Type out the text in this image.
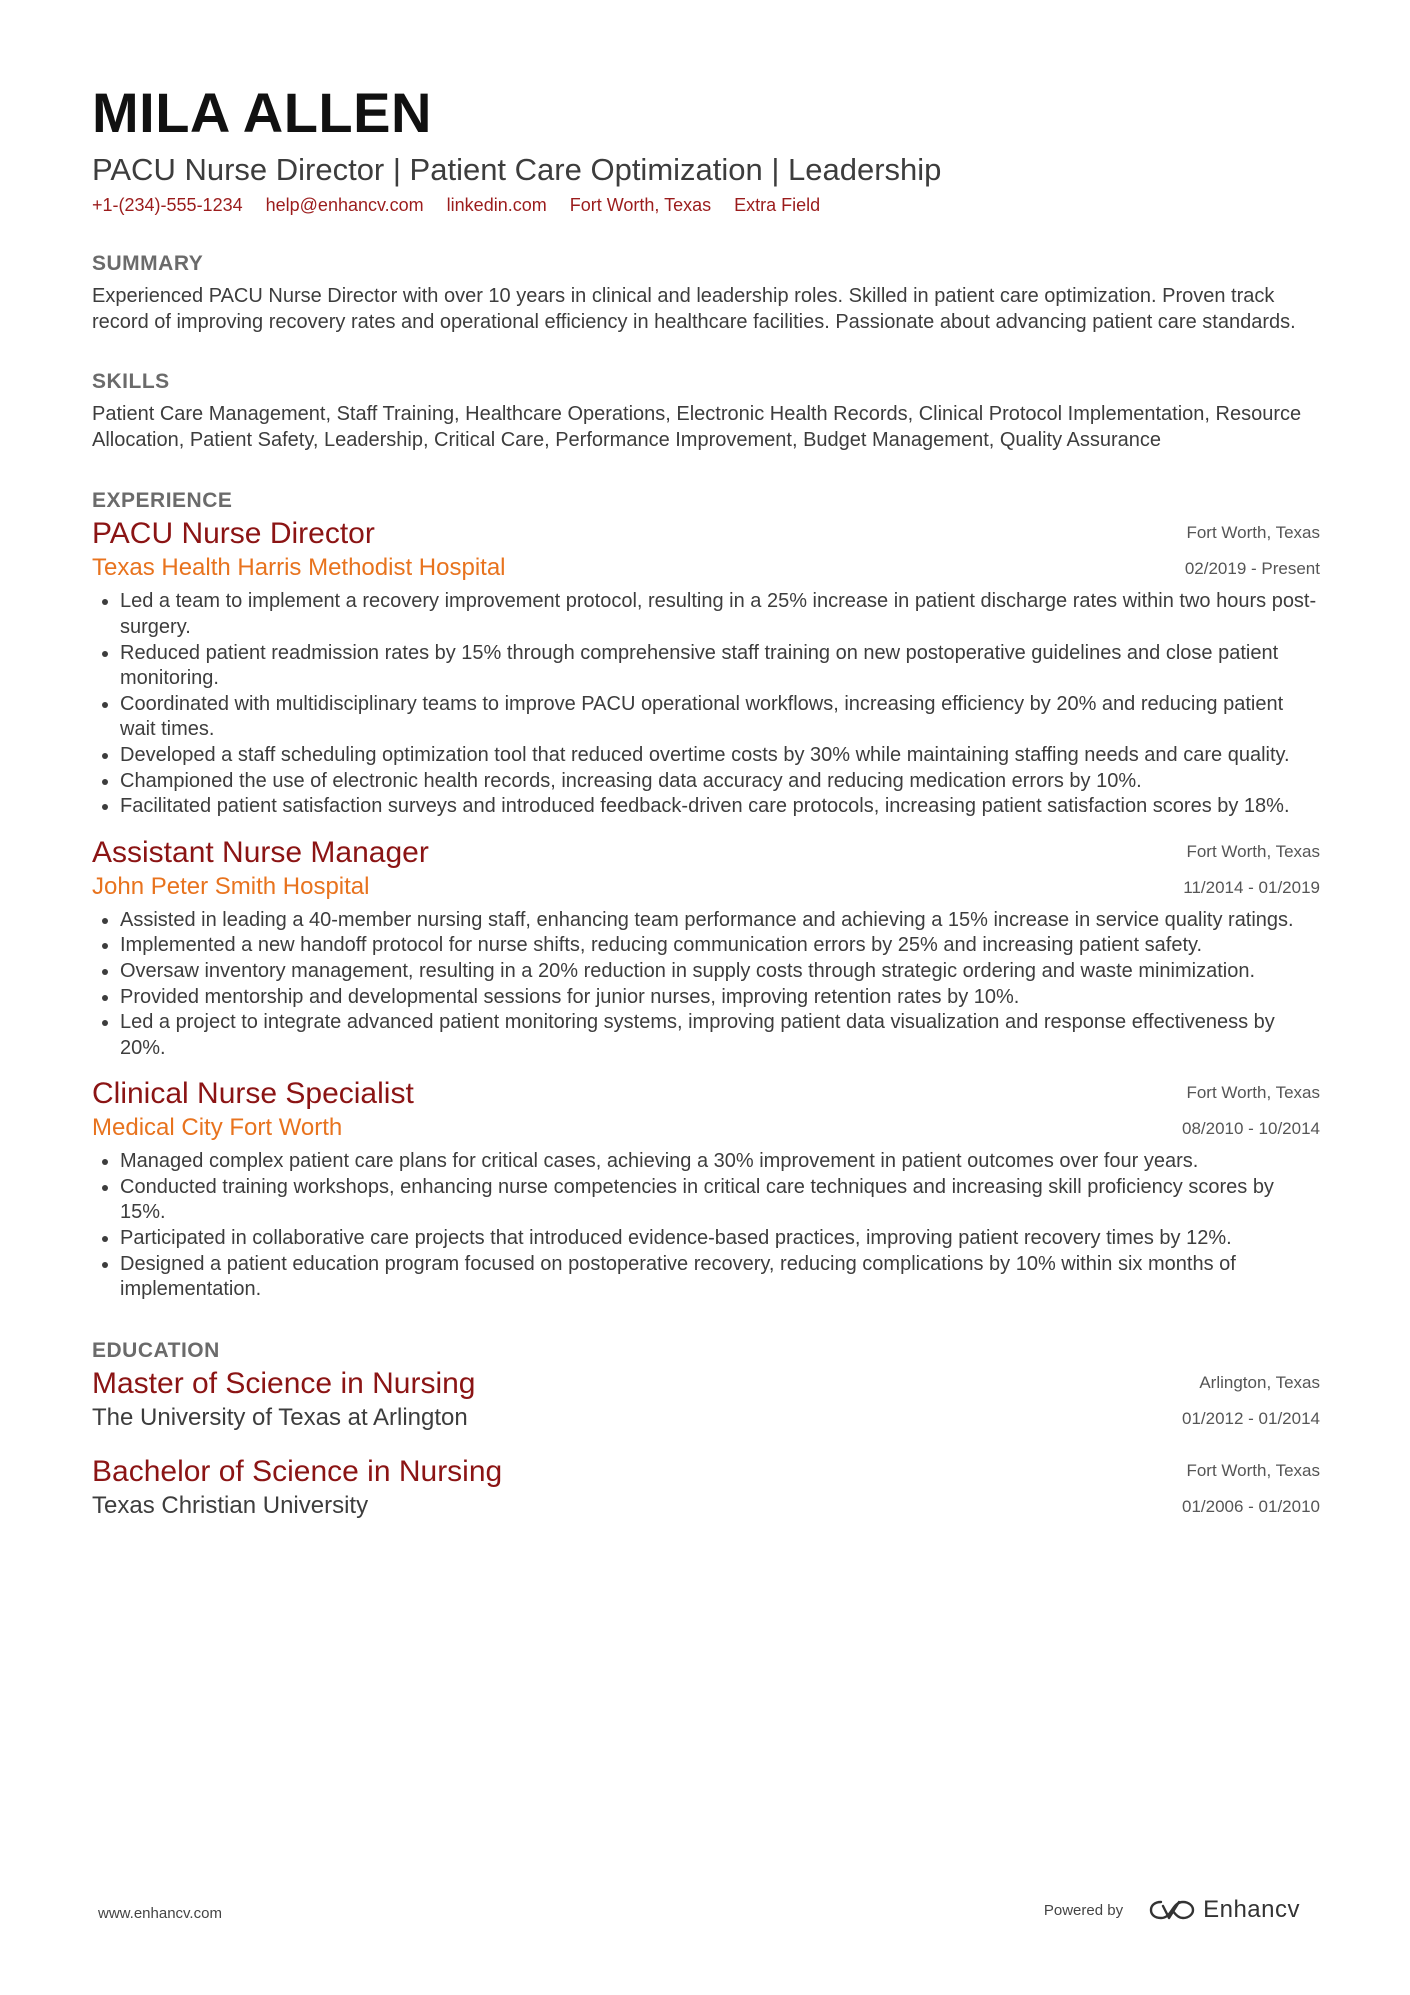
MILA ALLEN
PACU Nurse Director | Patient Care Optimization | Leadership
+1-(234)-555-1234 help@enhancv.com linkedin.com Fort Worth, Texas Extra Field
SUMMARY

Experienced PACU Nurse Director with over 10 years in clinical and leadership roles. Skilled in patient care optimization. Proven track record of improving recovery rates and operational efficiency in healthcare facilities. Passionate about advancing patient care standards.

SKILLS

Patient Care Management, Staff Training, Healthcare Operations, Electronic Health Records, Clinical Protocol Implementation, Resource Allocation, Patient Safety, Leadership, Critical Care, Performance Improvement, Budget Management, Quality Assurance

EXPERIENCE
PACU Nurse Director
Texas Health Harris Methodist Hospital
Fort Worth, Texas
02/2019 - Present
• Led a team to implement a recovery improvement protocol, resulting in a 25% increase in patient discharge rates within two hours post-surgery.
• Reduced patient readmission rates by 15% through comprehensive staff training on new postoperative guidelines and close patient monitoring.
• Coordinated with multidisciplinary teams to improve PACU operational workflows, increasing efficiency by 20% and reducing patient wait times.
• Developed a staff scheduling optimization tool that reduced overtime costs by 30% while maintaining staffing needs and care quality.
• Championed the use of electronic health records, increasing data accuracy and reducing medication errors by 10%.
• Facilitated patient satisfaction surveys and introduced feedback-driven care protocols, increasing patient satisfaction scores by 18%.
Assistant Nurse Manager
John Peter Smith Hospital
Fort Worth, Texas
11/2014 - 01/2019
• Assisted in leading a 40-member nursing staff, enhancing team performance and achieving a 15% increase in service quality ratings.
• Implemented a new handoff protocol for nurse shifts, reducing communication errors by 25% and increasing patient safety.
• Oversaw inventory management, resulting in a 20% reduction in supply costs through strategic ordering and waste minimization.
• Provided mentorship and developmental sessions for junior nurses, improving retention rates by 10%.
• Led a project to integrate advanced patient monitoring systems, improving patient data visualization and response effectiveness by 20%.
Clinical Nurse Specialist
Medical City Fort Worth
Fort Worth, Texas
08/2010 - 10/2014
• Managed complex patient care plans for critical cases, achieving a 30% improvement in patient outcomes over four years.
• Conducted training workshops, enhancing nurse competencies in critical care techniques and increasing skill proficiency scores by 15%.
• Participated in collaborative care projects that introduced evidence-based practices, improving patient recovery times by 12%.
• Designed a patient education program focused on postoperative recovery, reducing complications by 10% within six months of implementation.
EDUCATION
Master of Science in Nursing
The University of Texas at Arlington
Arlington, Texas
01/2012 - 01/2014
Bachelor of Science in Nursing
Texas Christian University
Fort Worth, Texas
01/2006 - 01/2010
www.enhancv.com	Powered by	Enhancv
